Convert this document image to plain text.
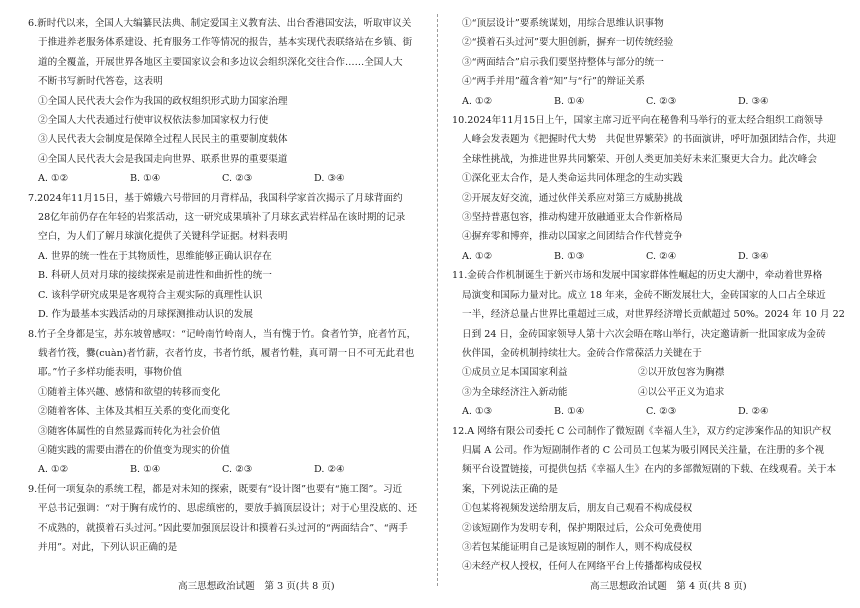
6.新时代以来，全国人大编纂民法典、制定爱国主义教育法、出台香港国安法，听取审议关
于推进养老服务体系建设、托育服务工作等情况的报告，基本实现代表联络站在乡镇、街
道的全覆盖，开展世界各地区主要国家议会和多边议会组织深化交往合作……全国人大
不断书写新时代答卷，这表明
①全国人民代表大会作为我国的政权组织形式助力国家治理
②全国人大代表通过行使审议权依法参加国家权力行使
③人民代表大会制度是保障全过程人民民主的重要制度载体
④全国人民代表大会是我国走向世界、联系世界的重要渠道
A. ①②	B. ①④	C. ②③	D. ③④
7.2024年11月15日，基于嫦娥六号带回的月背样品，我国科学家首次揭示了月球背面约
28亿年前仍存在年轻的岩浆活动，这一研究成果填补了月球玄武岩样品在该时期的记录
空白，为人们了解月球演化提供了关键科学证据。材料表明
A. 世界的统一性在于其物质性，思维能够正确认识存在
B. 科研人员对月球的接续探索是前进性和曲折性的统一
C. 该科学研究成果是客观符合主观实际的真理性认识
D. 作为最基本实践活动的月球探测推动认识的发展
8.竹子全身都是宝，苏东坡曾感叹：“记岭南竹岭南人，当有愧于竹。食者竹笋，庇者竹瓦，
载者竹筏，爨(cuàn)者竹薪，衣者竹皮，书者竹纸，履者竹鞋，真可谓一日不可无此君也
耶。”竹子多样功能表明，事物价值
①随着主体兴趣、感情和欲望的转移而变化
②随着客体、主体及其相互关系的变化而变化
③随客体属性的自然显露而转化为社会价值
④随实践的需要由潜在的价值变为现实的价值
A. ①②	B. ①④	C. ②③	D. ②④
9.任何一项复杂的系统工程，都是对未知的探索，既要有“设计图”也要有“施工图”。习近
平总书记强调：“对于胸有成竹的、思虑缜密的，要放手搞顶层设计；对于心里没底的、还
不成熟的，就摸着石头过河。”因此要加强顶层设计和摸着石头过河的“两面结合”、“两手
并用”。对此，下列认识正确的是
①“顶层设计”要系统谋划，用综合思维认识事物
②“摸着石头过河”要大胆创新，摒弃一切传统经验
③“两面结合”启示我们要坚持整体与部分的统一
④“两手并用”蕴含着“知”与“行”的辩证关系
A. ①②	B. ①④	C. ②③	D. ③④
10.2024年11月15日上午，国家主席习近平向在秘鲁利马举行的亚太经合组织工商领导
人峰会发表题为《把握时代大势　共促世界繁荣》的书面演讲，呼吁加强团结合作，共迎
全球性挑战，为推进世界共同繁荣、开创人类更加美好未来汇聚更大合力。此次峰会
①深化亚太合作，是人类命运共同体理念的生动实践
②开展友好交流，通过伙伴关系应对第三方威胁挑战
③坚持普惠包容，推动构建开放融通亚太合作新格局
④摒弃零和博弈，推动以国家之间团结合作代替竞争
A. ①②	B. ①③	C. ②④	D. ③④
11.金砖合作机制诞生于新兴市场和发展中国家群体性崛起的历史大潮中，牵动着世界格
局演变和国际力量对比。成立 18 年来，金砖不断发展壮大，金砖国家的人口占全球近
一半，经济总量占世界比重超过三成，对世界经济增长贡献超过 50%。2024 年 10 月 22
日到 24 日，金砖国家领导人第十六次会晤在喀山举行，决定邀请新一批国家成为金砖
伙伴国，金砖机制持续壮大。金砖合作常葆活力关键在于
①成员立足本国国家利益	②以开放包容为胸襟
③为全球经济注入新动能	④以公平正义为追求
A. ①③	B. ①④	C. ②③	D. ②④
12.A 网络有限公司委托 C 公司制作了微短剧《幸福人生》，双方约定涉案作品的知识产权
归属 A 公司。作为短剧制作者的 C 公司员工包某为吸引网民关注量，在注册的多个视
频平台设置链接，可提供包括《幸福人生》在内的多部微短剧的下载、在线观看。关于本
案，下列说法正确的是
①包某将视频发送给朋友后，朋友自己观看不构成侵权
②该短剧作为发明专利，保护期限过后，公众可免费使用
③若包某能证明自己是该短剧的制作人，则不构成侵权
④未经产权人授权，任何人在网络平台上传播都构成侵权
高三思想政治试题　第 3 页(共 8 页)	高三思想政治试题　第 4 页(共 8 页)
